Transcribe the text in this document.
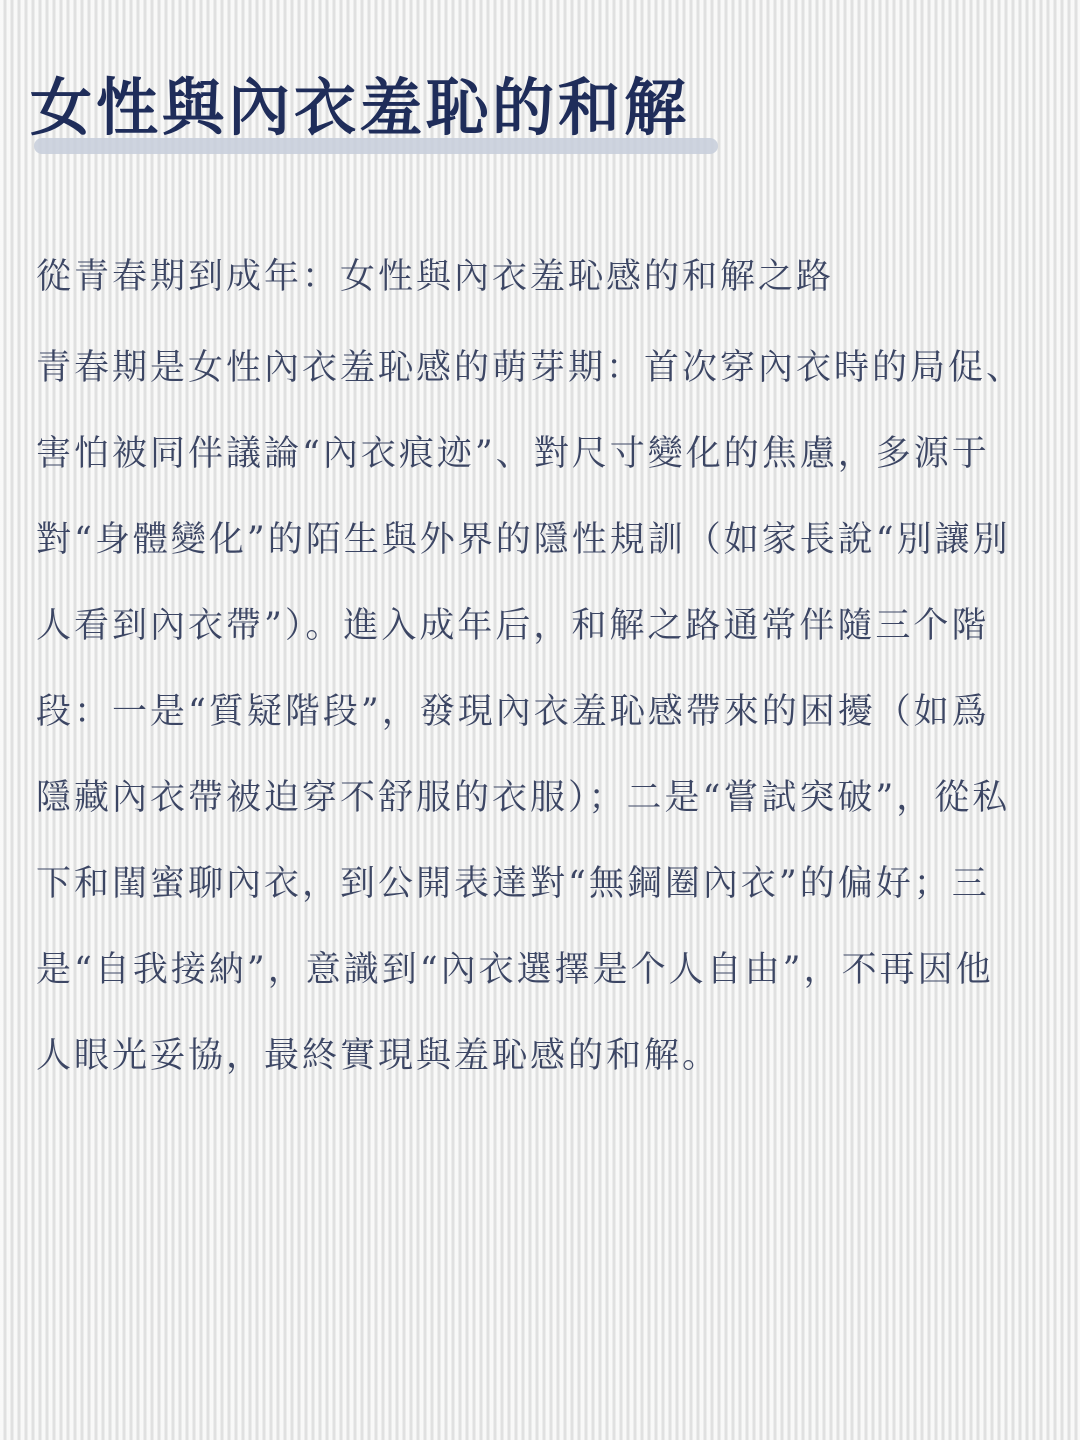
女性與內衣羞恥的和解

從青春期到成年：女性與內衣羞恥感的和解之路

青春期是女性內衣羞恥感的萌芽期：首次穿內衣時的局促、害怕被同伴議論“內衣痕迹”、對尺寸變化的焦慮，多源于對“身體變化”的陌生與外界的隱性規訓（如家長說“別讓別人看到內衣帶”）。進入成年后，和解之路通常伴隨三个階段：一是“質疑階段”，發現內衣羞恥感帶來的困擾（如爲隱藏內衣帶被迫穿不舒服的衣服）；二是“嘗試突破”，從私下和閨蜜聊內衣，到公開表達對“無鋼圈內衣”的偏好；三是“自我接納”，意識到“內衣選擇是个人自由”，不再因他人眼光妥協，最終實現與羞恥感的和解。
